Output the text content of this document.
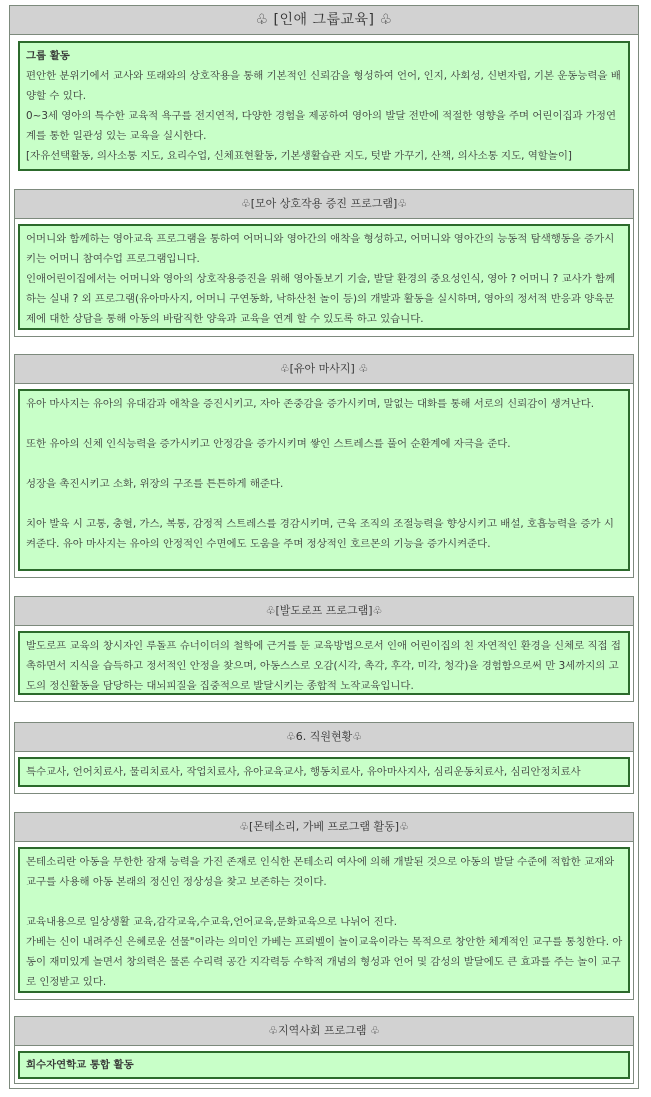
♧ [인애 그룹교육] ♧

그룹 활동

편안한 분위기에서 교사와 또래와의 상호작용을 통해 기본적인 신뢰감을 형성하여 언어, 인지, 사회성, 신변자립, 기본 운동능력을 배양할 수 있다.

0~3세 영아의 특수한 교육적 욕구를 전지연적, 다양한 경험을 제공하여 영아의 발달 전반에 적절한 영향을 주며 어린이집과 가정연계를 통한 일관성 있는 교육을 실시한다.

[자유선택활동, 의사소통 지도, 요리수업, 신체표현활동, 기본생활습관 지도, 텃밭 가꾸기, 산책, 의사소통 지도, 역할놀이]

♧[모아 상호작용 증진 프로그램]♧

어머니와 함께하는 영아교육 프로그램을 통하여 어머니와 영아간의 애착을 형성하고, 어머니와 영아간의 능동적 탐색행동을 증가시키는 어머니 참여수업 프로그램입니다.

인애어린이집에서는 어머니와 영아의 상호작용증진을 위해 영아돌보기 기술, 발달 환경의 중요성인식, 영아 ? 어머니 ? 교사가 함께하는 실내 ? 외 프로그램(유아마사지, 어머니 구연동화, 낙하산천 놀이 등)의 개발과 활동을 실시하며, 영아의 정서적 반응과 양육문제에 대한 상담을 통해 아동의 바람직한 양육과 교육을 연계 할 수 있도록 하고 있습니다.

♧[유아 마사지] ♧

유아 마사지는 유아의 유대감과 애착을 증진시키고, 자아 존중감을 증가시키며, 말없는 대화를 통해 서로의 신뢰감이 생겨난다.

또한 유아의 신체 인식능력을 증가시키고 안정감을 증가시키며 쌓인 스트레스를 풀어 순환계에 자극을 준다.

성장을 촉진시키고 소화, 위장의 구조를 튼튼하게 해준다.

치아 발육 시 고통, 충혈, 가스, 복통, 감정적 스트레스를 경감시키며, 근육 조직의 조절능력을 향상시키고 배설, 호흡능력을 증가 시켜준다. 유아 마사지는 유아의 안정적인 수면에도 도움을 주며 정상적인 호르몬의 기능을 증가시켜준다.

♧[발도로프 프로그램]♧

발도로프 교육의 창시자인 루돌프 슈너이더의 철학에 근거를 둔 교육방법으로서 인애 어린이집의 친 자연적인 환경을 신체로 직접 접촉하면서 지식을 습득하고 정서적인 안정을 찾으며, 아동스스로 오감(시각, 촉각, 후각, 미각, 청각)을 경험함으로써 만 3세까지의 고도의 정신활동을 담당하는 대뇌피질을 집중적으로 발달시키는 종합적 노작교육입니다.

♧6. 직원현황♧

특수교사, 언어치료사, 물리치료사, 작업치료사, 유아교육교사, 행동치료사, 유아마사지사, 심리운동치료사, 심리안정치료사

♧[몬테소리, 가베 프로그램 활동]♧

몬테소리란 아동을 무한한 잠재 능력을 가진 존재로 인식한 몬테소리 여사에 의해 개발된 것으로 아동의 발달 수준에 적합한 교재와 교구를 사용해 아동 본래의 정신인 정상성을 찾고 보존하는 것이다.

교육내용으로 일상생활 교육,감각교육,수교육,언어교육,문화교육으로 나뉘어 진다.

가베는 신이 내려주신 은혜로운 선물"이라는 의미인 가베는 프뢰벨이 놀이교육이라는 목적으로 창안한 체계적인 교구를 통칭한다. 아동이 재미있게 놀면서 창의력은 물론 수리력 공간 지각력등 수학적 개념의 형성과 언어 및 감성의 발달에도 큰 효과를 주는 놀이 교구로 인정받고 있다.

♧지역사회 프로그램 ♧

희수자연학교 통합 활동
